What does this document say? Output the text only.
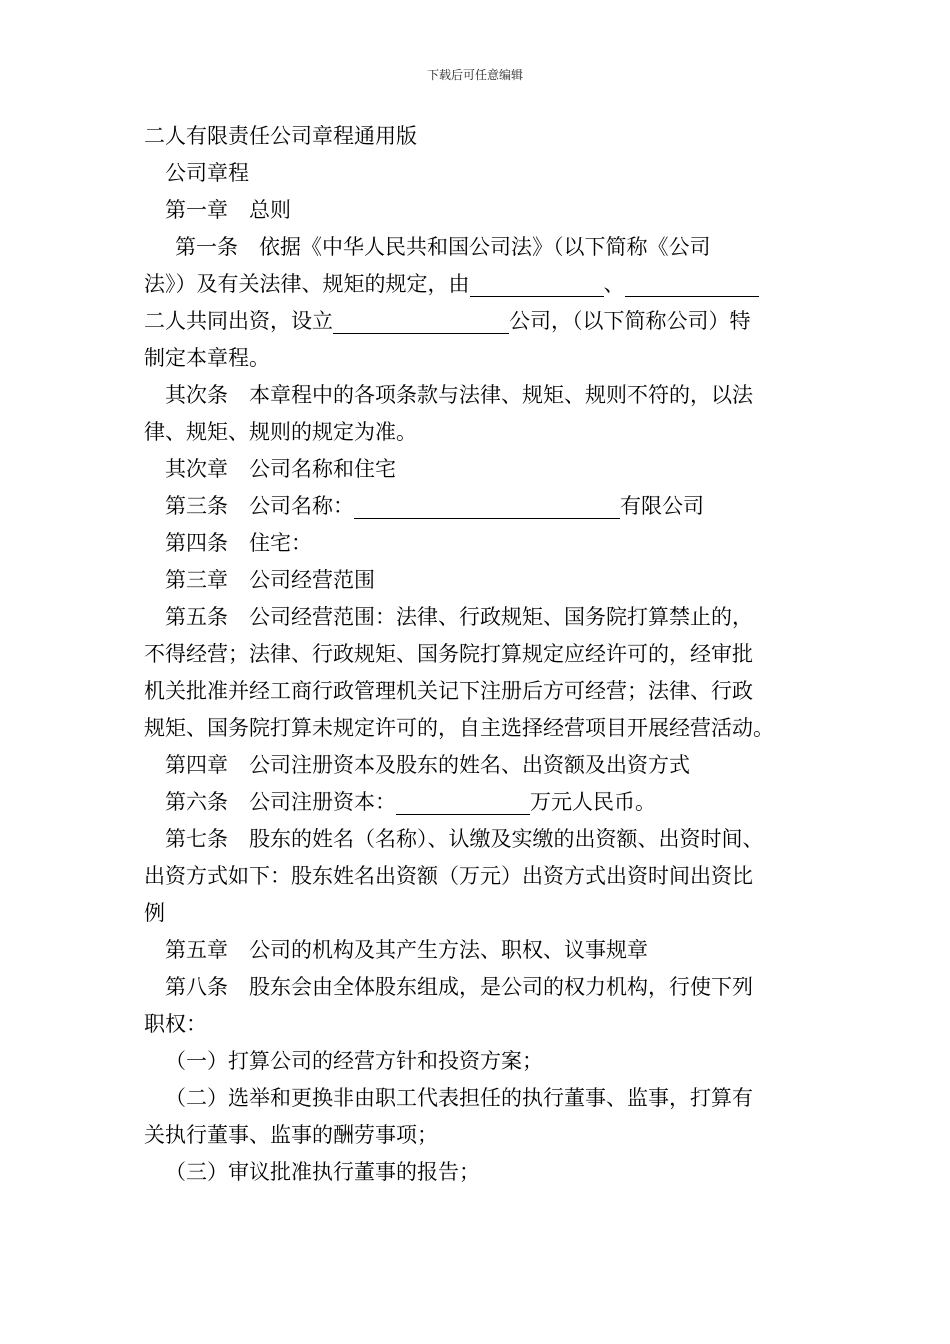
下载后可任意编辑
二人有限责任公司章程通用版
公司章程
第一章　总则
第一条　依据《中华人民共和国公司法》（以下简称《公司
法》）及有关法律、规矩的规定，由	、
二人共同出资，设立	公司，（以下简称公司）特
制定本章程。
其次条　本章程中的各项条款与法律、规矩、规则不符的，以法
律、规矩、规则的规定为准。
其次章　公司名称和住宅
第三条　公司名称：	有限公司
第四条　住宅：
第三章　公司经营范围
第五条　公司经营范围：法律、行政规矩、国务院打算禁止的，
不得经营；法律、行政规矩、国务院打算规定应经许可的，经审批
机关批准并经工商行政管理机关记下注册后方可经营；法律、行政
规矩、国务院打算未规定许可的，自主选择经营项目开展经营活动。
第四章　公司注册资本及股东的姓名、出资额及出资方式
第六条　公司注册资本：	万元人民币。
第七条　股东的姓名（名称）、认缴及实缴的出资额、出资时间、
出资方式如下：股东姓名出资额（万元）出资方式出资时间出资比
例
第五章　公司的机构及其产生方法、职权、议事规章
第八条　股东会由全体股东组成，是公司的权力机构，行使下列
职权：
（一）打算公司的经营方针和投资方案；
（二）选举和更换非由职工代表担任的执行董事、监事，打算有
关执行董事、监事的酬劳事项；
（三）审议批准执行董事的报告；
